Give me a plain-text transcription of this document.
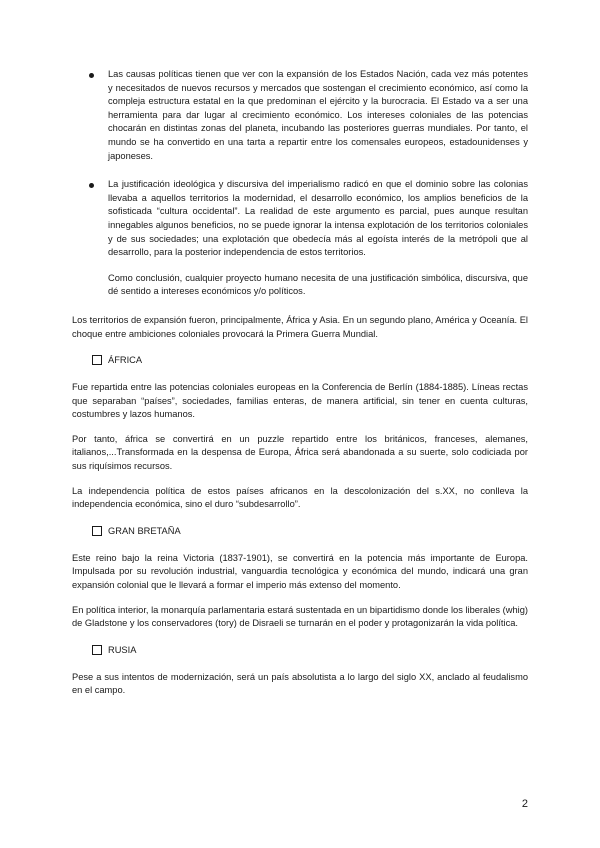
Las causas políticas tienen que ver con la expansión de los Estados Nación, cada vez más potentes y necesitados de nuevos recursos y mercados que sostengan el crecimiento económico, así como la compleja estructura estatal en la que predominan el ejército y la burocracia. El Estado va a ser una herramienta para dar lugar al crecimiento económico. Los intereses coloniales de las potencias chocarán en distintas zonas del planeta, incubando las posteriores guerras mundiales. Por tanto, el mundo se ha convertido en una tarta a repartir entre los comensales europeos, estadounidenses y japoneses.

La justificación ideológica y discursiva del imperialismo radicó en que el dominio sobre las colonias llevaba a aquellos territorios la modernidad, el desarrollo económico, los amplios beneficios de la sofisticada “cultura occidental”. La realidad de este argumento es parcial, pues aunque resultan innegables algunos beneficios, no se puede ignorar la intensa explotación de los territorios coloniales y de sus sociedades; una explotación que obedecía más al egoísta interés de la metrópoli que al desarrollo, para la posterior independencia de estos territorios.

Como conclusión, cualquier proyecto humano necesita de una justificación simbólica, discursiva, que dé sentido a intereses económicos y/o políticos.

Los territorios de expansión fueron, principalmente, África y Asia. En un segundo plano, América y Oceanía. El choque entre ambiciones coloniales provocará la Primera Guerra Mundial.

ÁFRICA

Fue repartida entre las potencias coloniales europeas en la Conferencia de Berlín (1884-1885). Líneas rectas que separaban “países”, sociedades, familias enteras, de manera artificial, sin tener en cuenta culturas, costumbres y lazos humanos.

Por tanto, áfrica se convertirá en un puzzle repartido entre los británicos, franceses, alemanes, italianos,...Transformada en la despensa de Europa, África será abandonada a su suerte, solo codiciada por sus riquísimos recursos.

La independencia política de estos países africanos en la descolonización del s.XX, no conlleva la independencia económica, sino el duro “subdesarrollo”.

GRAN BRETAÑA

Este reino bajo la reina Victoria (1837-1901), se convertirá en la potencia más importante de Europa. Impulsada por su revolución industrial, vanguardia tecnológica y económica del mundo, indicará una gran expansión colonial que le llevará a formar el imperio más extenso del momento.

En política interior, la monarquía parlamentaria estará sustentada en un bipartidismo donde los liberales (whig) de Gladstone y los conservadores (tory) de Disraeli se turnarán en el poder y protagonizarán la vida política.

RUSIA

Pese a sus intentos de modernización, será un país absolutista a lo largo del siglo XX, anclado al feudalismo en el campo.

2
